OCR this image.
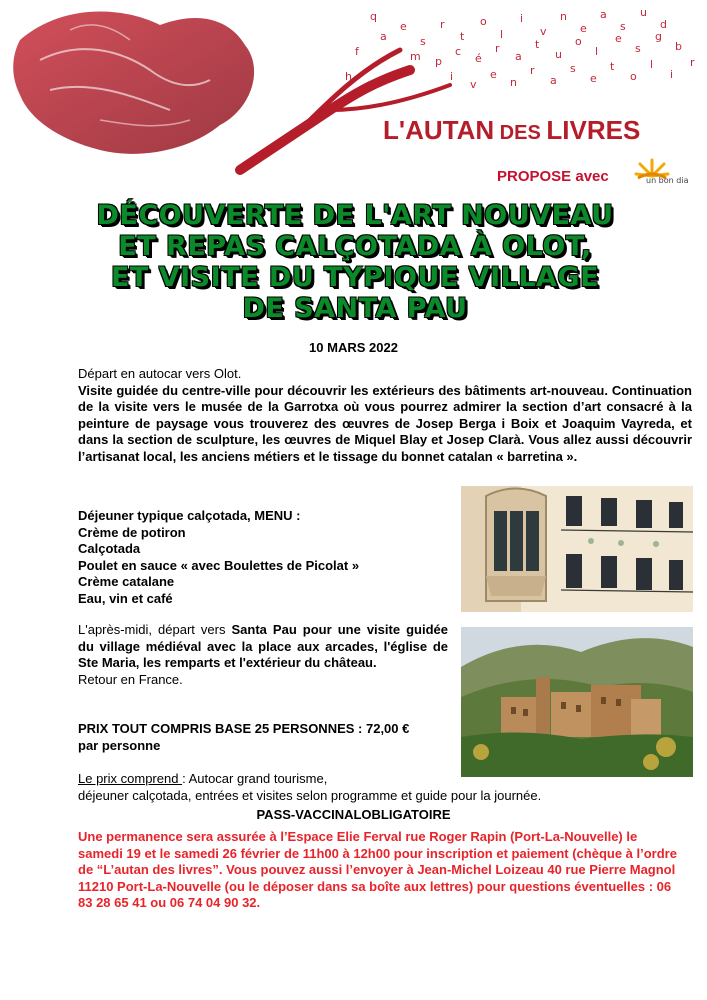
a
e
s
r
t
o
l
i
v
n
e
a
s
u
d
m p
c
é
r
a
t
u
o
l
e
s
g
b
i
v
e
n
r
a
s
e
t
o
l
i
r
q
f
h
L'AUTAN DES LIVRES
PROPOSE avec	un bon dia
DÉCOUVERTE DE L'ART NOUVEAU
ET REPAS CALÇOTADA À OLOT,
ET VISITE DU TYPIQUE VILLAGE
DE SANTA PAU
10 MARS 2022
Départ en autocar vers Olot.
Visite guidée du centre-ville pour découvrir les extérieurs des bâtiments art-nouveau. Continuation de la visite vers le musée de la Garrotxa où vous pourrez admirer la section d’art consacré à la peinture de paysage vous trouverez des œuvres de Josep Berga i Boix et Joaquim Vayreda, et dans la section de sculpture, les œuvres de Miquel Blay et Josep Clarà. Vous allez aussi découvrir l’artisanat local, les anciens métiers et le tissage du bonnet catalan « barretina ».
Déjeuner typique calçotada, MENU :
Crème de potiron
Calçotada
Poulet en sauce « avec Boulettes de Picolat »
Crème catalane
Eau, vin et café
L'après-midi, départ vers Santa Pau pour une visite guidée du village médiéval avec la place aux arcades, l'église de Ste Maria, les remparts et l'extérieur du château.
Retour en France.
PRIX TOUT COMPRIS BASE 25 PERSONNES : 72,00 €
par personne
Le prix comprend : Autocar grand tourisme,
déjeuner calçotada, entrées et visites selon programme et guide pour la journée.
PASS-VACCINALOBLIGATOIRE
Une permanence sera assurée à l’Espace Elie Ferval rue Roger Rapin (Port-La-Nouvelle) le samedi 19 et le samedi 26 février de 11h00 à 12h00 pour inscription et paiement (chèque à l’ordre de “L’autan des livres”. Vous pouvez aussi l’envoyer à Jean-Michel Loizeau 40 rue Pierre Magnol 11210 Port-La-Nouvelle (ou le déposer dans sa boîte aux lettres) pour questions éventuelles : 06 83 28 65 41 ou 06 74 04 90 32.
